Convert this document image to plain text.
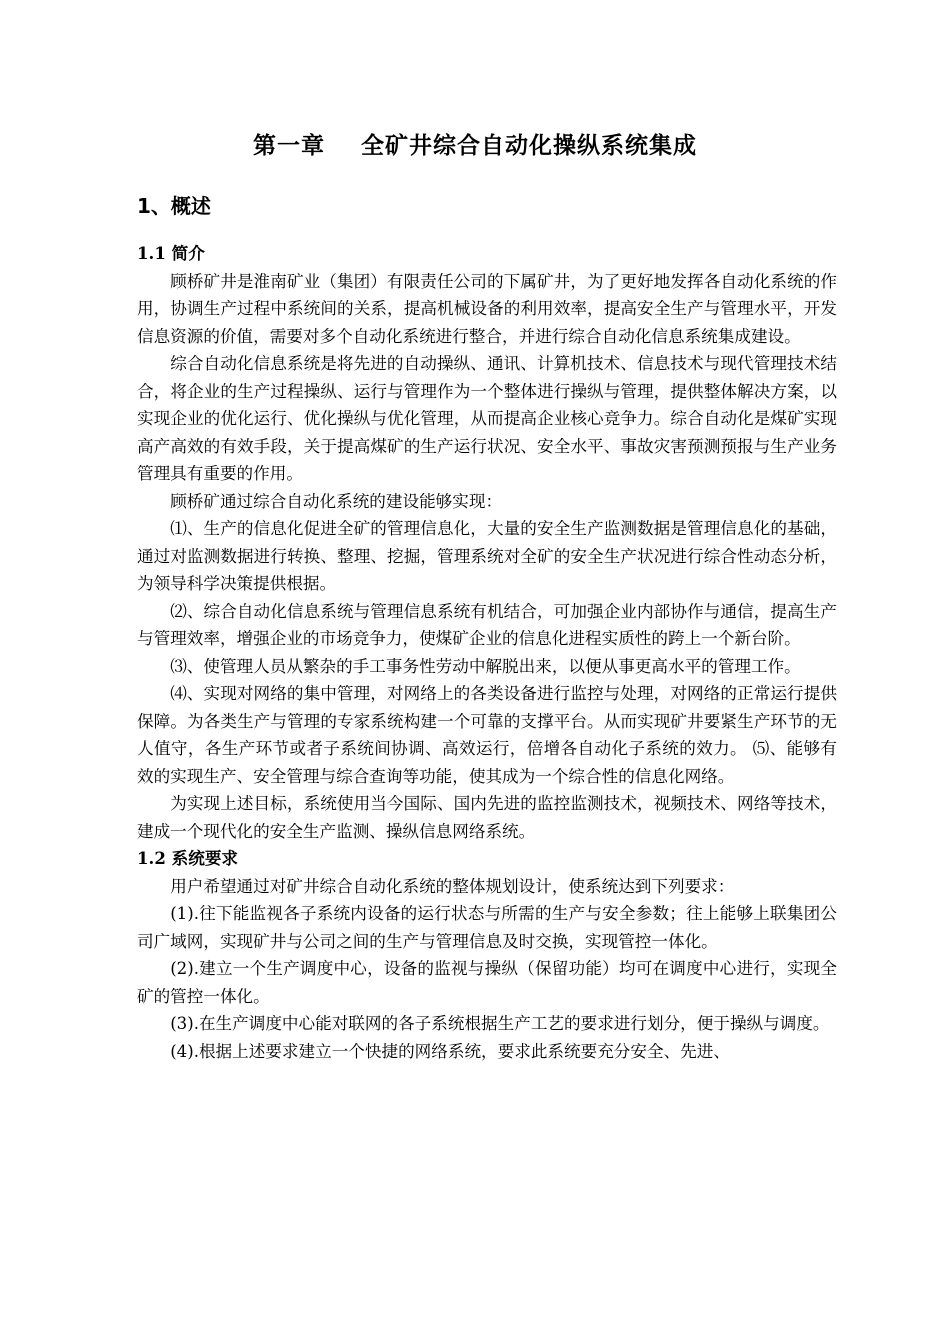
第一章 全矿井综合自动化操纵系统集成
1、概述
1.1 简介

顾桥矿井是淮南矿业（集团）有限责任公司的下属矿井，为了更好地发挥各自动化系统的作用，协调生产过程中系统间的关系，提高机械设备的利用效率，提高安全生产与管理水平，开发信息资源的价值，需要对多个自动化系统进行整合，并进行综合自动化信息系统集成建设。

综合自动化信息系统是将先进的自动操纵、通讯、计算机技术、信息技术与现代管理技术结合，将企业的生产过程操纵、运行与管理作为一个整体进行操纵与管理，提供整体解决方案，以实现企业的优化运行、优化操纵与优化管理，从而提高企业核心竞争力。综合自动化是煤矿实现高产高效的有效手段，关于提高煤矿的生产运行状况、安全水平、事故灾害预测预报与生产业务管理具有重要的作用。

顾桥矿通过综合自动化系统的建设能够实现：

⑴、生产的信息化促进全矿的管理信息化，大量的安全生产监测数据是管理信息化的基础，通过对监测数据进行转换、整理、挖掘，管理系统对全矿的安全生产状况进行综合性动态分析，为领导科学决策提供根据。

⑵、综合自动化信息系统与管理信息系统有机结合，可加强企业内部协作与通信，提高生产与管理效率，增强企业的市场竞争力，使煤矿企业的信息化进程实质性的跨上一个新台阶。

⑶、使管理人员从繁杂的手工事务性劳动中解脱出来，以便从事更高水平的管理工作。

⑷、实现对网络的集中管理，对网络上的各类设备进行监控与处理，对网络的正常运行提供保障。为各类生产与管理的专家系统构建一个可靠的支撑平台。从而实现矿井要紧生产环节的无人值守，各生产环节或者子系统间协调、高效运行，倍增各自动化子系统的效力。 ⑸、能够有效的实现生产、安全管理与综合查询等功能，使其成为一个综合性的信息化网络。

为实现上述目标，系统使用当今国际、国内先进的监控监测技术，视频技术、网络等技术，建成一个现代化的安全生产监测、操纵信息网络系统。

1.2 系统要求

用户希望通过对矿井综合自动化系统的整体规划设计，使系统达到下列要求：

(1).往下能监视各子系统内设备的运行状态与所需的生产与安全参数；往上能够上联集团公司广域网，实现矿井与公司之间的生产与管理信息及时交换，实现管控一体化。

(2).建立一个生产调度中心，设备的监视与操纵（保留功能）均可在调度中心进行，实现全矿的管控一体化。

(3).在生产调度中心能对联网的各子系统根据生产工艺的要求进行划分，便于操纵与调度。

(4).根据上述要求建立一个快捷的网络系统，要求此系统要充分安全、先进、
